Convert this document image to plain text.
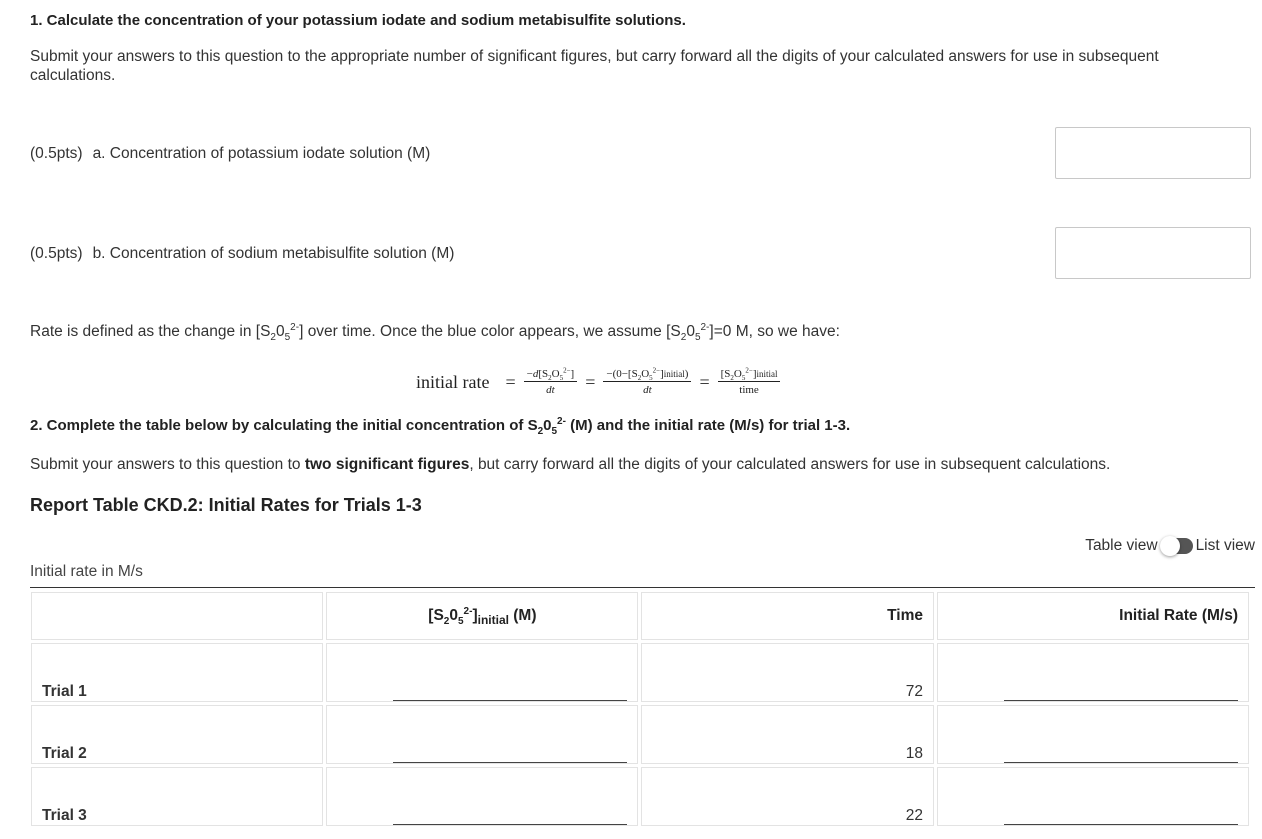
1. Calculate the concentration of your potassium iodate and sodium metabisulfite solutions.
Submit your answers to this question to the appropriate number of significant figures, but carry forward all the digits of your calculated answers for use in subsequent calculations.
(0.5pts) a. Concentration of potassium iodate solution (M)
(0.5pts) b. Concentration of sodium metabisulfite solution (M)
Rate is defined as the change in $[S_20_5^{2-}]$ over time. Once the blue color appears, we assume $[S_20_5^{2-}]=0$ M, so we have:
initial rate = $\frac{-d[S_2O_5^{2-}]}{dt} = \frac{-(0-[S_2O_5^{2-}]initial)}{dt} = \frac{[S_2O_5^{2-}]initial}{\text{time}}$
2. Complete the table below by calculating the initial concentration of $S_20_5^{2-}$ (M) and the initial rate (M/s) for trial 1-3.
Submit your answers to this question to two significant figures, but carry forward all the digits of your calculated answers for use in subsequent calculations.
Report Table CKD.2: Initial Rates for Trials 1-3
Table view List view
Initial rate in M/s
	$[S_20_5^{2-}]_{initial}$ (M)	Time	Initial Rate (M/s)
Trial 1		72	

Trial 2		18	

Trial 3		22	
